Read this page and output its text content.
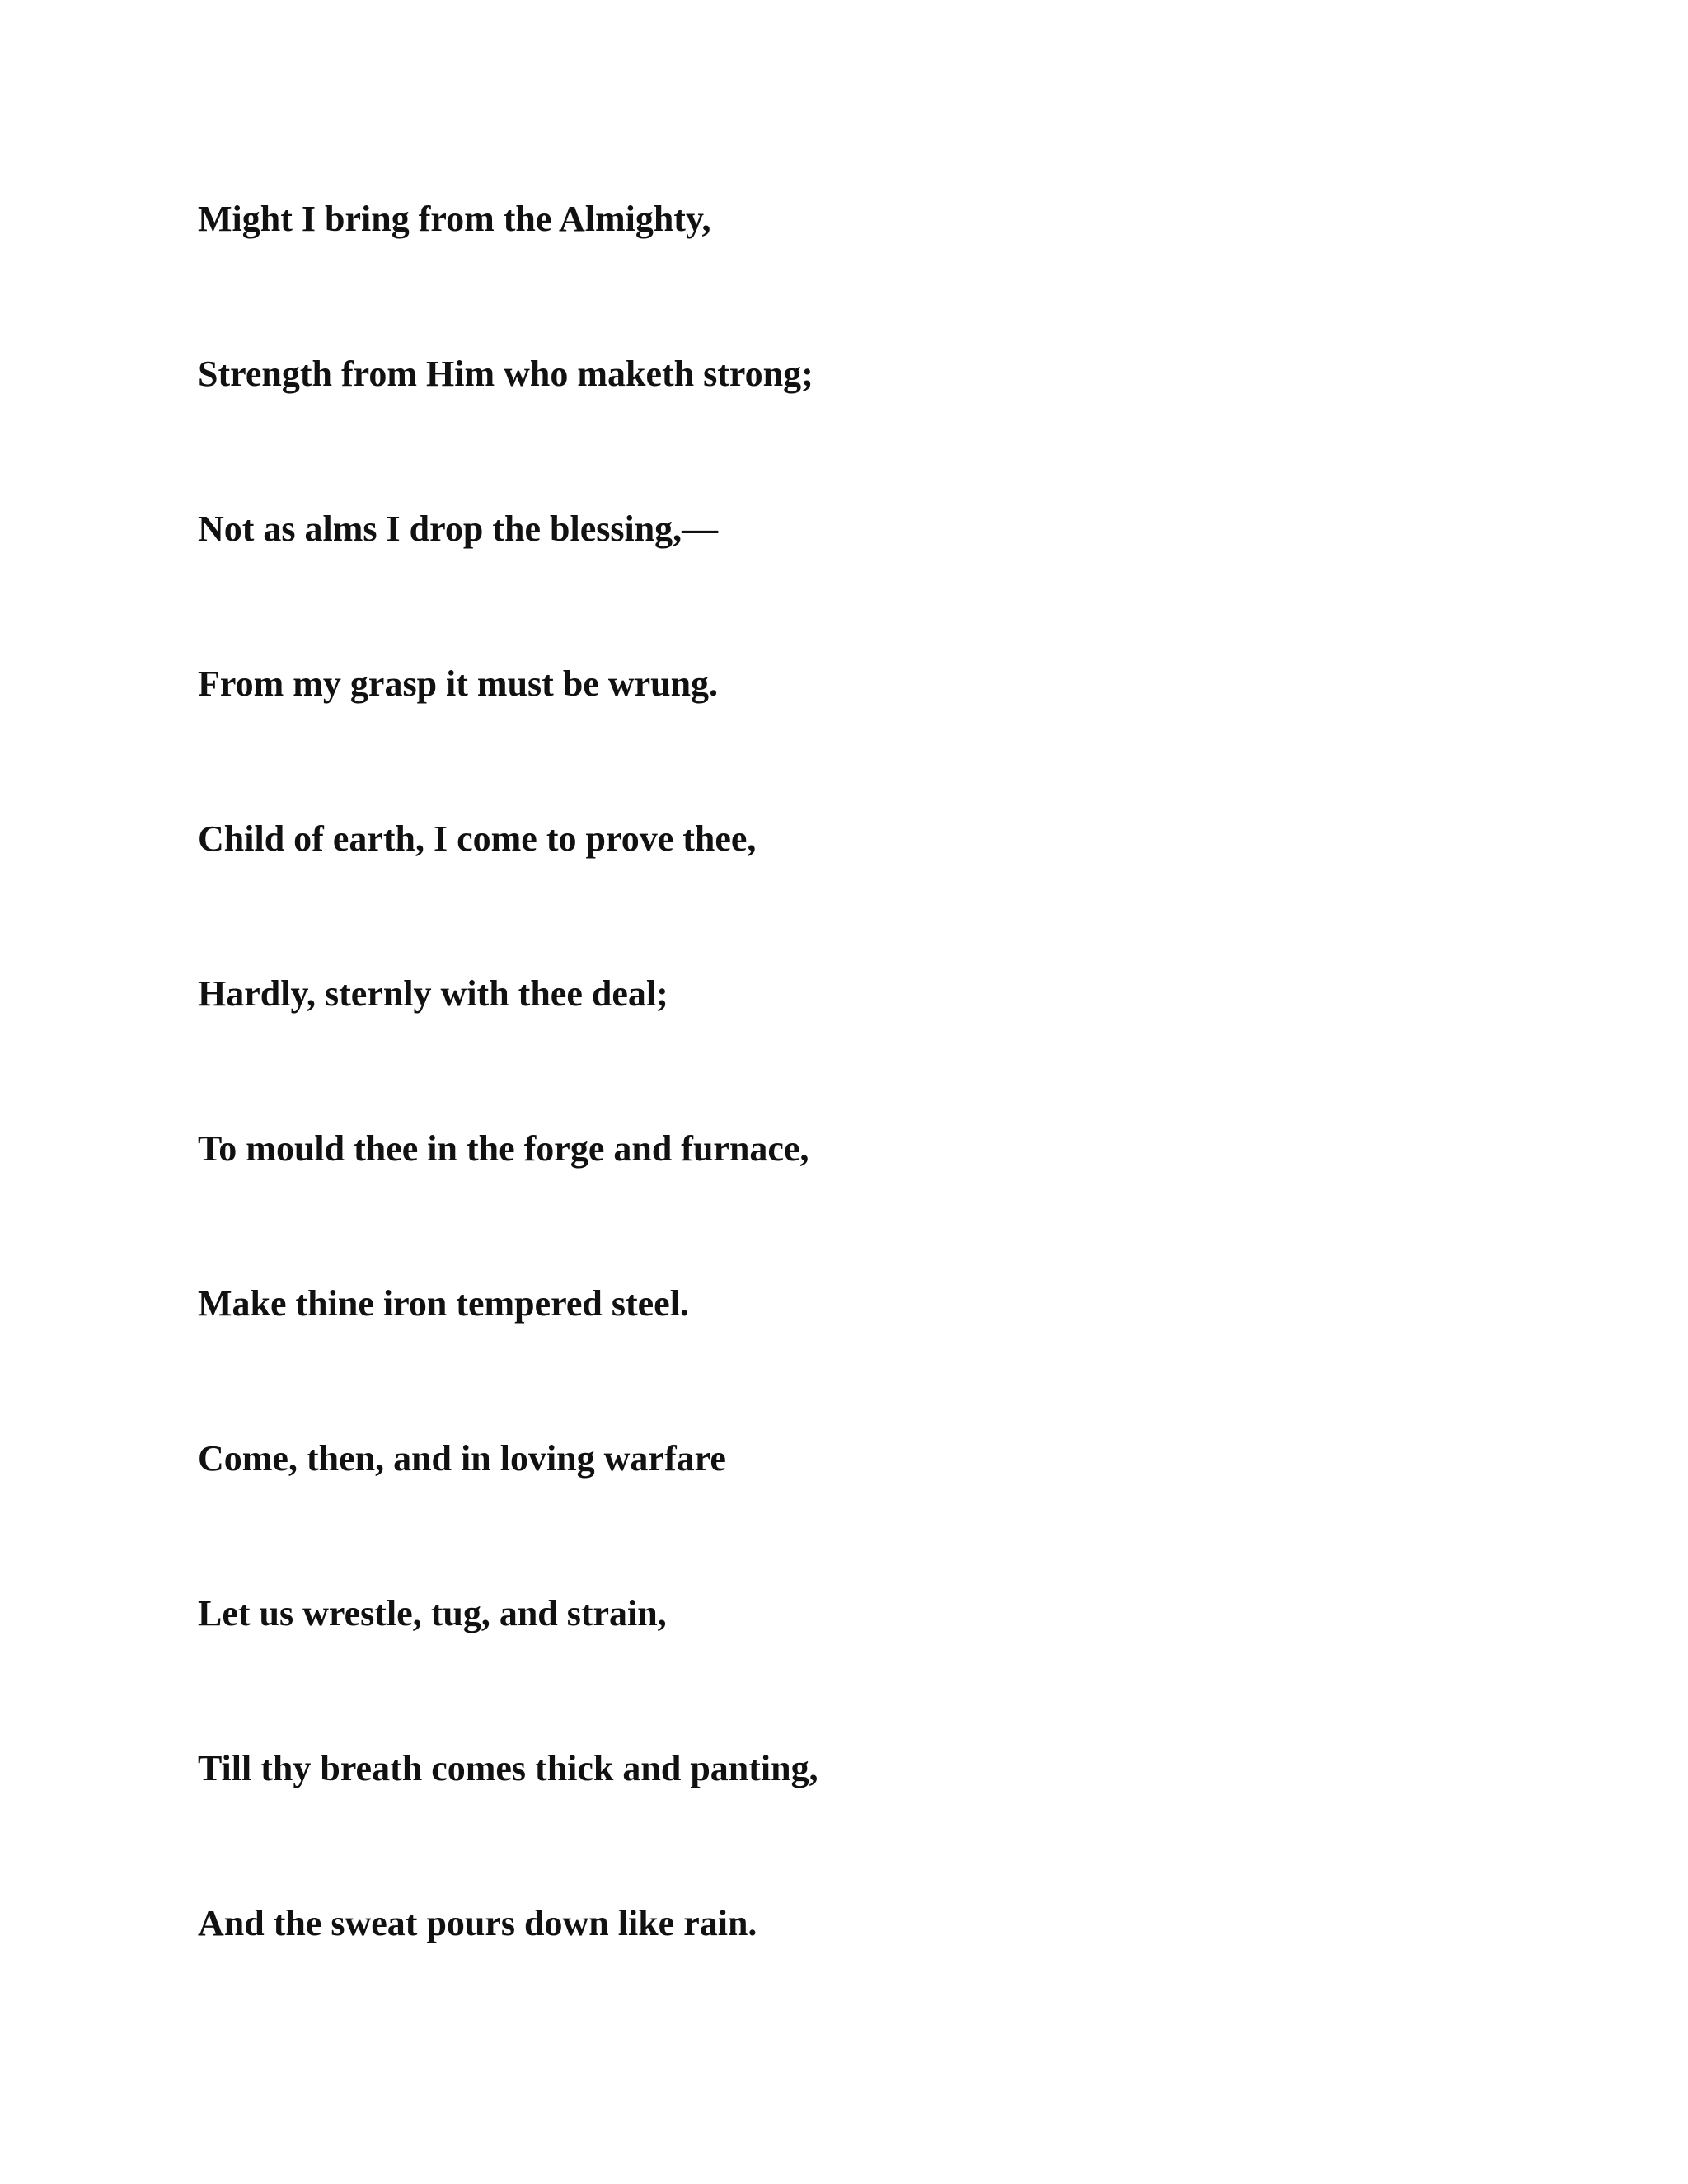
Might I bring from the Almighty,
Strength from Him who maketh strong;
Not as alms I drop the blessing,—
From my grasp it must be wrung.
Child of earth, I come to prove thee,
Hardly, sternly with thee deal;
To mould thee in the forge and furnace,
Make thine iron tempered steel.
Come, then, and in loving warfare
Let us wrestle, tug, and strain,
Till thy breath comes thick and panting,
And the sweat pours down like rain.
